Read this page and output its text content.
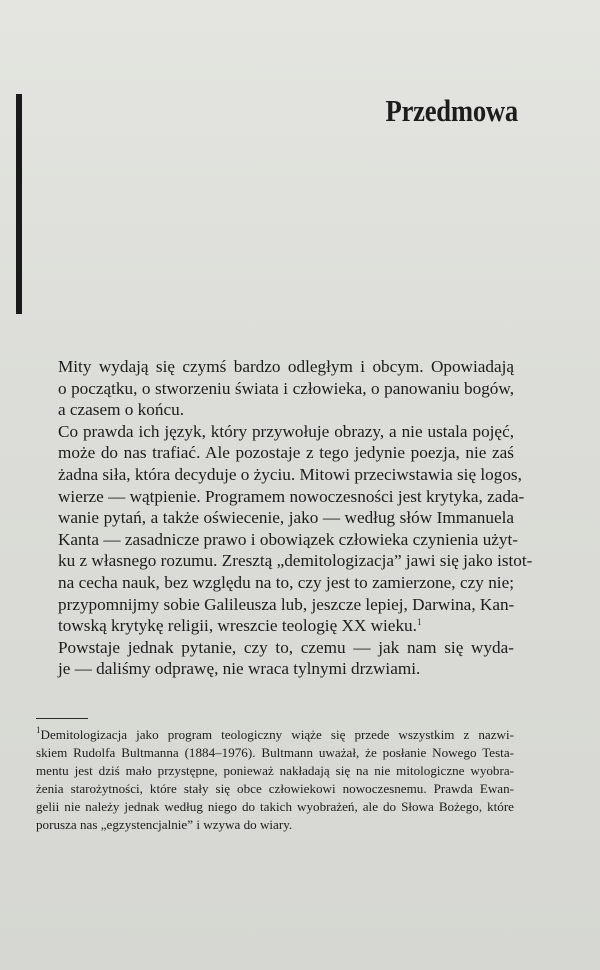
Przedmowa

Mity wydają się czymś bardzo odległym i obcym. Opowiadają
o początku, o stworzeniu świata i człowieka, o panowaniu bogów,
a czasem o końcu.

Co prawda ich język, który przywołuje obrazy, a nie ustala pojęć,
może do nas trafiać. Ale pozostaje z tego jedynie poezja, nie zaś
żadna siła, która decyduje o życiu. Mitowi przeciwstawia się logos,
wierze — wątpienie. Programem nowoczesności jest krytyka, zada-
wanie pytań, a także oświecenie, jako — według słów Immanuela
Kanta — zasadnicze prawo i obowiązek człowieka czynienia użyt-
ku z własnego rozumu. Zresztą „demitologizacja” jawi się jako istot-
na cecha nauk, bez względu na to, czy jest to zamierzone, czy nie;
przypomnijmy sobie Galileusza lub, jeszcze lepiej, Darwina, Kan-
towską krytykę religii, wreszcie teologię XX wieku.$^1$

Powstaje jednak pytanie, czy to, czemu — jak nam się wyda-
je — daliśmy odprawę, nie wraca tylnymi drzwiami.

$^1$Demitologizacja jako program teologiczny wiąże się przede wszystkim z nazwi-
skiem Rudolfa Bultmanna (1884–1976). Bultmann uważał, że posłanie Nowego Testa-
mentu jest dziś mało przystępne, ponieważ nakładają się na nie mitologiczne wyobra-
żenia starożytności, które stały się obce człowiekowi nowoczesnemu. Prawda Ewan-
gelii nie należy jednak według niego do takich wyobrażeń, ale do Słowa Bożego, które
porusza nas „egzystencjalnie” i wzywa do wiary.
